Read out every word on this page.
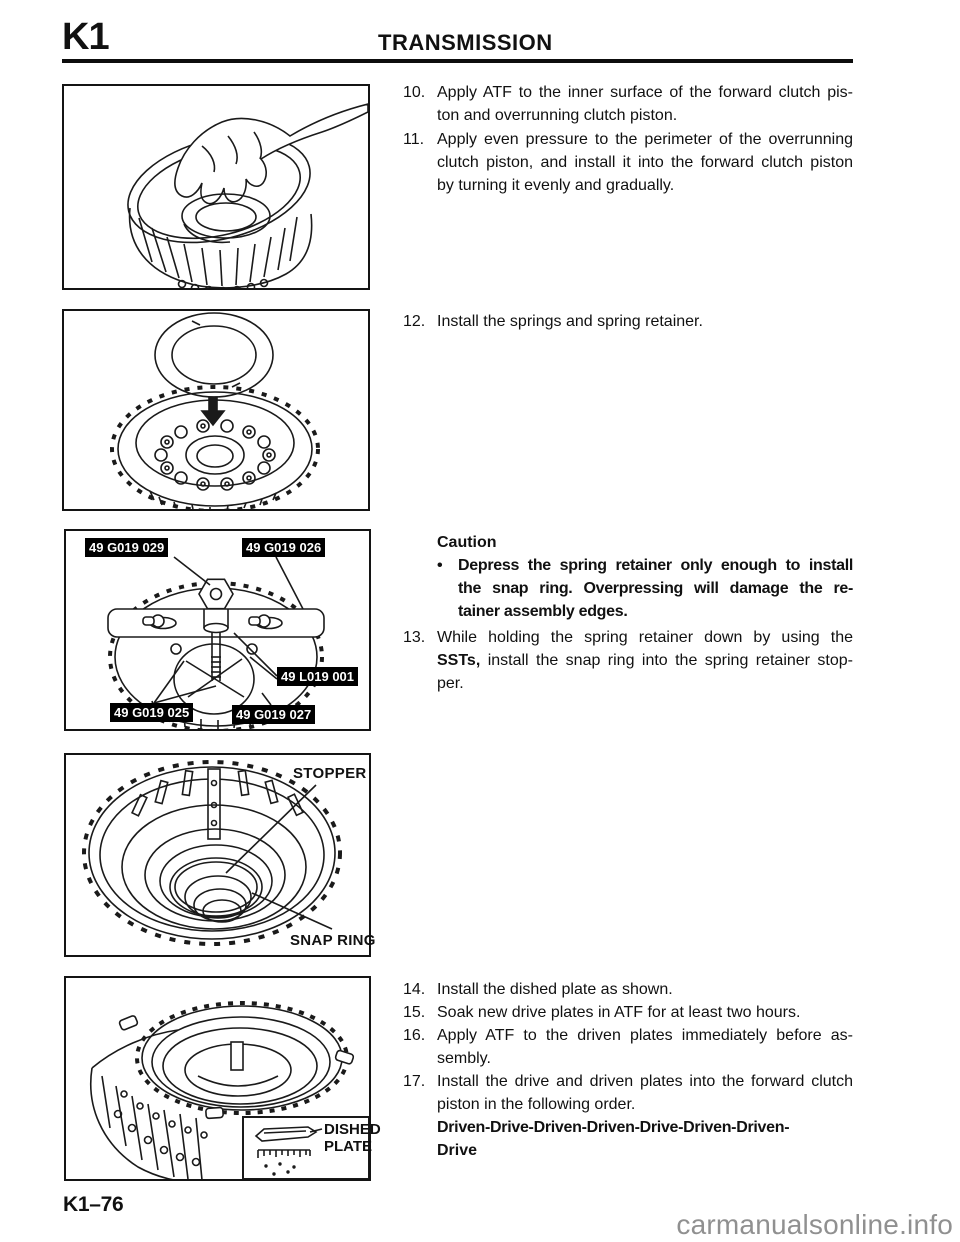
K1	TRANSMISSION
49 G019 029	49 G019 026
49 L019 001
49 G019 025	49 G019 027
STOPPER
SNAP RING
DISHED
PLATE
10. Apply ATF to the inner surface of the forward clutch pis-
ton and overrunning clutch piston.
11. Apply even pressure to the perimeter of the overrunning
clutch piston, and install it into the forward clutch piston
by turning it evenly and gradually.
12. Install the springs and spring retainer.
Caution
• Depress the spring retainer only enough to install
the snap ring. Overpressing will damage the re-
tainer assembly edges.
13. While holding the spring retainer down by using the
SSTs, install the snap ring into the spring retainer stop-
per.
14. Install the dished plate as shown.
15. Soak new drive plates in ATF for at least two hours.
16. Apply ATF to the driven plates immediately before as-
sembly.
17. Install the drive and driven plates into the forward clutch
piston in the following order.
Driven-Drive-Driven-Driven-Drive-Driven-Driven-
Drive
K1–76
carmanualsonline.info
